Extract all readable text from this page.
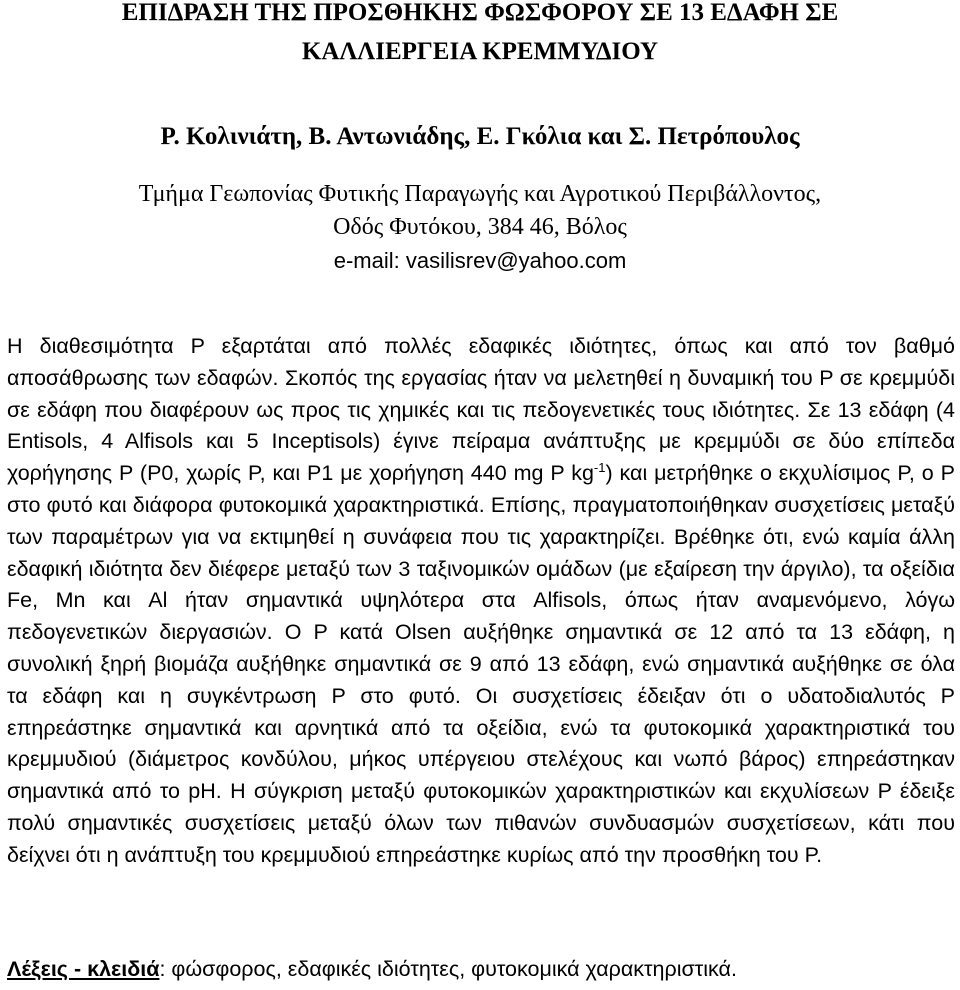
ΕΠΙΔΡΑΣΗ ΤΗΣ ΠΡΟΣΘΗΚΗΣ ΦΩΣΦΟΡΟΥ ΣΕ 13 ΕΔΑΦΗ ΣΕ
ΚΑΛΛΙΕΡΓΕΙΑ ΚΡΕΜΜΥΔΙΟΥ
Ρ. Κολινιάτη, Β. Αντωνιάδης, Ε. Γκόλια και Σ. Πετρόπουλος
Τμήμα Γεωπονίας Φυτικής Παραγωγής και Αγροτικού Περιβάλλοντος,
Οδός Φυτόκου, 384 46, Βόλος
e-mail: vasilisrev@yahoo.com

Η διαθεσιμότητα P εξαρτάται από πολλές εδαφικές ιδιότητες, όπως και από τον βαθμό αποσάθρωσης των εδαφών. Σκοπός της εργασίας ήταν να μελετηθεί η δυναμική του P σε κρεμμύδι σε εδάφη που διαφέρουν ως προς τις χημικές και τις πεδογενετικές τους ιδιότητες. Σε 13 εδάφη (4 Entisols, 4 Alfisols και 5 Inceptisols) έγινε πείραμα ανάπτυξης με κρεμμύδι σε δύο επίπεδα χορήγησης P (P0, χωρίς P, και P1 με χορήγηση 440 mg P $kg^{-1}$) και μετρήθηκε ο εκχυλίσιμος P, ο P στο φυτό και διάφορα φυτοκομικά χαρακτηριστικά. Επίσης, πραγματοποιήθηκαν συσχετίσεις μεταξύ των παραμέτρων για να εκτιμηθεί η συνάφεια που τις χαρακτηρίζει. Βρέθηκε ότι, ενώ καμία άλλη εδαφική ιδιότητα δεν διέφερε μεταξύ των 3 ταξινομικών ομάδων (με εξαίρεση την άργιλο), τα οξείδια Fe, Mn και Al ήταν σημαντικά υψηλότερα στα Alfisols, όπως ήταν αναμενόμενο, λόγω πεδογενετικών διεργασιών. Ο P κατά Olsen αυξήθηκε σημαντικά σε 12 από τα 13 εδάφη, η συνολική ξηρή βιομάζα αυξήθηκε σημαντικά σε 9 από 13 εδάφη, ενώ σημαντικά αυξήθηκε σε όλα τα εδάφη και η συγκέντρωση P στο φυτό. Οι συσχετίσεις έδειξαν ότι ο υδατοδιαλυτός P επηρεάστηκε σημαντικά και αρνητικά από τα οξείδια, ενώ τα φυτοκομικά χαρακτηριστικά του κρεμμυδιού (διάμετρος κονδύλου, μήκος υπέργειου στελέχους και νωπό βάρος) επηρεάστηκαν σημαντικά από το pH. Η σύγκριση μεταξύ φυτοκομικών χαρακτηριστικών και εκχυλίσεων P έδειξε πολύ σημαντικές συσχετίσεις μεταξύ όλων των πιθανών συνδυασμών συσχετίσεων, κάτι που δείχνει ότι η ανάπτυξη του κρεμμυδιού επηρεάστηκε κυρίως από την προσθήκη του P.

Λέξεις - κλειδιά: φώσφορος, εδαφικές ιδιότητες, φυτοκομικά χαρακτηριστικά.
